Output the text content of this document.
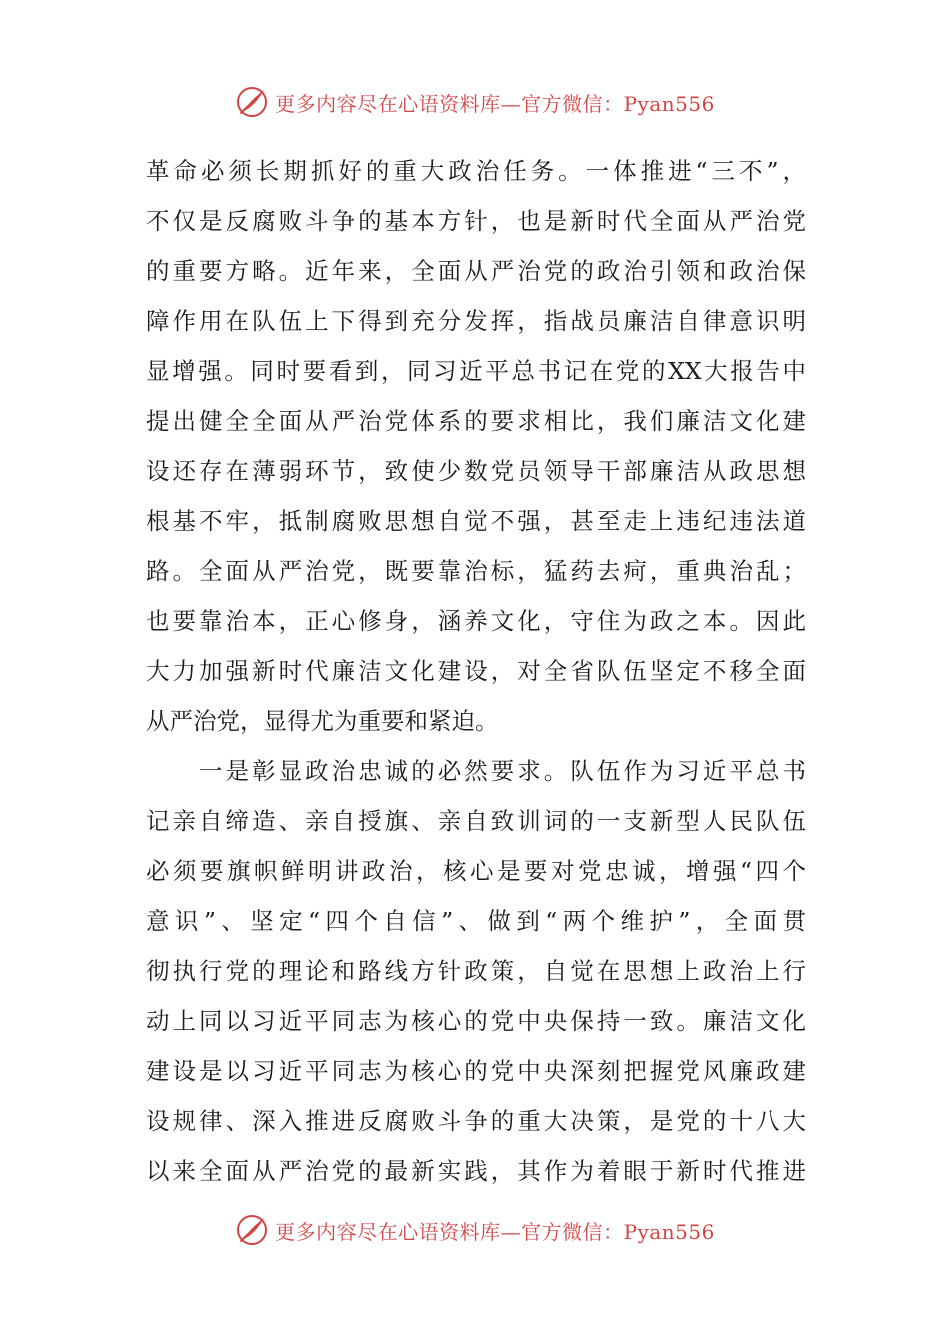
更多内容尽在心语资料库—官方微信：Pyan556
革命必须长期抓好的重大政治任务。一体推进“三不”，
不仅是反腐败斗争的基本方针，也是新时代全面从严治党
的重要方略。近年来，全面从严治党的政治引领和政治保
障作用在队伍上下得到充分发挥，指战员廉洁自律意识明
显增强。同时要看到，同习近平总书记在党的XX大报告中
提出健全全面从严治党体系的要求相比，我们廉洁文化建
设还存在薄弱环节，致使少数党员领导干部廉洁从政思想
根基不牢，抵制腐败思想自觉不强，甚至走上违纪违法道
路。全面从严治党，既要靠治标，猛药去疴，重典治乱；
也要靠治本，正心修身，涵养文化，守住为政之本。因此
大力加强新时代廉洁文化建设，对全省队伍坚定不移全面
从严治党，显得尤为重要和紧迫。
　　一是彰显政治忠诚的必然要求。队伍作为习近平总书
记亲自缔造、亲自授旗、亲自致训词的一支新型人民队伍
必须要旗帜鲜明讲政治，核心是要对党忠诚，增强“四个
意识”、坚定“四个自信”、做到“两个维护”，全面贯
彻执行党的理论和路线方针政策，自觉在思想上政治上行
动上同以习近平同志为核心的党中央保持一致。廉洁文化
建设是以习近平同志为核心的党中央深刻把握党风廉政建
设规律、深入推进反腐败斗争的重大决策，是党的十八大
以来全面从严治党的最新实践，其作为着眼于新时代推进
更多内容尽在心语资料库—官方微信：Pyan556
